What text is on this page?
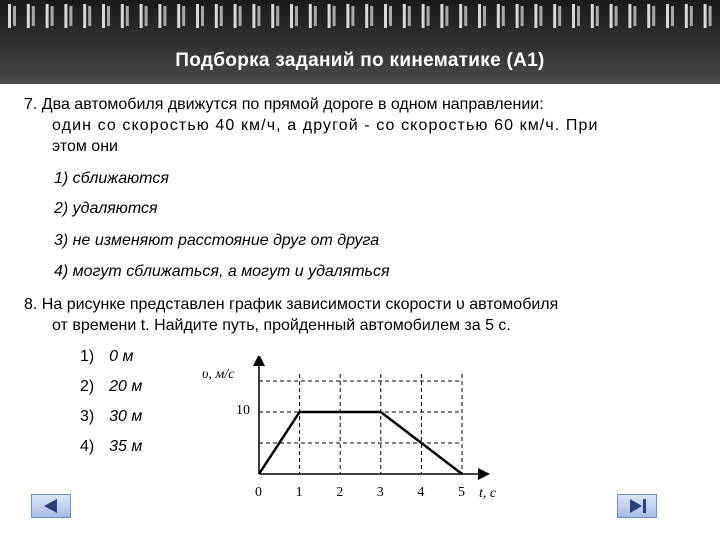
Подборка заданий по кинематике (А1)
7. Два автомобиля движутся по прямой дороге в одном направлении:
один со скоростью 40 км/ч, а другой - со скоростью 60 км/ч. При
этом они
1) сближаются
2) удаляются
3) не изменяют расстояние друг от друга
4) могут сближаться, а могут и удаляться
8. На рисунке представлен график зависимости скорости υ автомобиля
от времени t. Найдите путь, пройденный автомобилем за 5 с.
1) 0 м
2) 20 м
3) 30 м
4) 35 м
υ, м/с
10
0 1 2 3 4 5 t, c
